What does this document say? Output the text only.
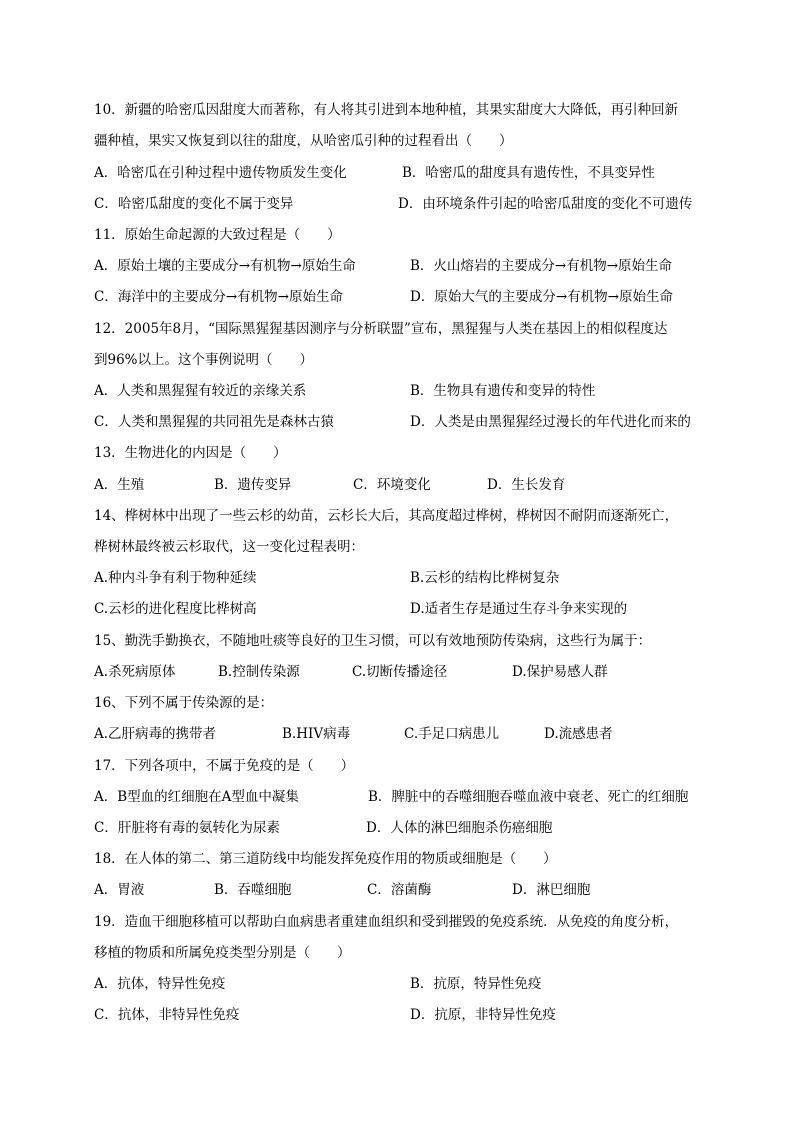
10．新疆的哈密瓜因甜度大而著称，有人将其引进到本地种植，其果实甜度大大降低，再引种回新
疆种植，果实又恢复到以往的甜度，从哈密瓜引种的过程看出（　　）
A．哈密瓜在引种过程中遗传物质发生变化	B．哈密瓜的甜度具有遗传性，不具变异性
C．哈密瓜甜度的变化不属于变异	D．由环境条件引起的哈密瓜甜度的变化不可遗传
11．原始生命起源的大致过程是（　　）
A．原始土壤的主要成分→有机物→原始生命	B．火山熔岩的主要成分→有机物→原始生命
C．海洋中的主要成分→有机物→原始生命	D．原始大气的主要成分→有机物→原始生命
12．2005年8月，“国际黑猩猩基因测序与分析联盟”宣布，黑猩猩与人类在基因上的相似程度达
到96%以上。这个事例说明（　　）
A．人类和黑猩猩有较近的亲缘关系	B．生物具有遗传和变异的特性
C．人类和黑猩猩的共同祖先是森林古猿	D．人类是由黑猩猩经过漫长的年代进化而来的
13．生物进化的内因是（　　）
A．生殖	B．遗传变异	C．环境变化	D．生长发育
14、桦树林中出现了一些云杉的幼苗，云杉长大后，其高度超过桦树，桦树因不耐阴而逐渐死亡，
桦树林最终被云杉取代，这一变化过程表明：
A.种内斗争有利于物种延续	B.云杉的结构比桦树复杂
C.云杉的进化程度比桦树高	D.适者生存是通过生存斗争来实现的
15、勤洗手勤换衣，不随地吐痰等良好的卫生习惯，可以有效地预防传染病，这些行为属于：
A.杀死病原体	B.控制传染源	C.切断传播途径	D.保护易感人群
16、下列不属于传染源的是：
A.乙肝病毒的携带者	B.HIV病毒	C.手足口病患儿	D.流感患者
17．下列各项中，不属于免疫的是（　　）
A．B型血的红细胞在A型血中凝集	B．脾脏中的吞噬细胞吞噬血液中衰老、死亡的红细胞
C．肝脏将有毒的氨转化为尿素	D．人体的淋巴细胞杀伤癌细胞
18．在人体的第二、第三道防线中均能发挥免疫作用的物质或细胞是（　　）
A．胃液	B．吞噬细胞	C．溶菌酶	D．淋巴细胞
19．造血干细胞移植可以帮助白血病患者重建血组织和受到摧毁的免疫系统．从免疫的角度分析，
移植的物质和所属免疫类型分别是（　　）
A．抗体，特异性免疫	B．抗原，特异性免疫
C．抗体，非特异性免疫	D．抗原，非特异性免疫
